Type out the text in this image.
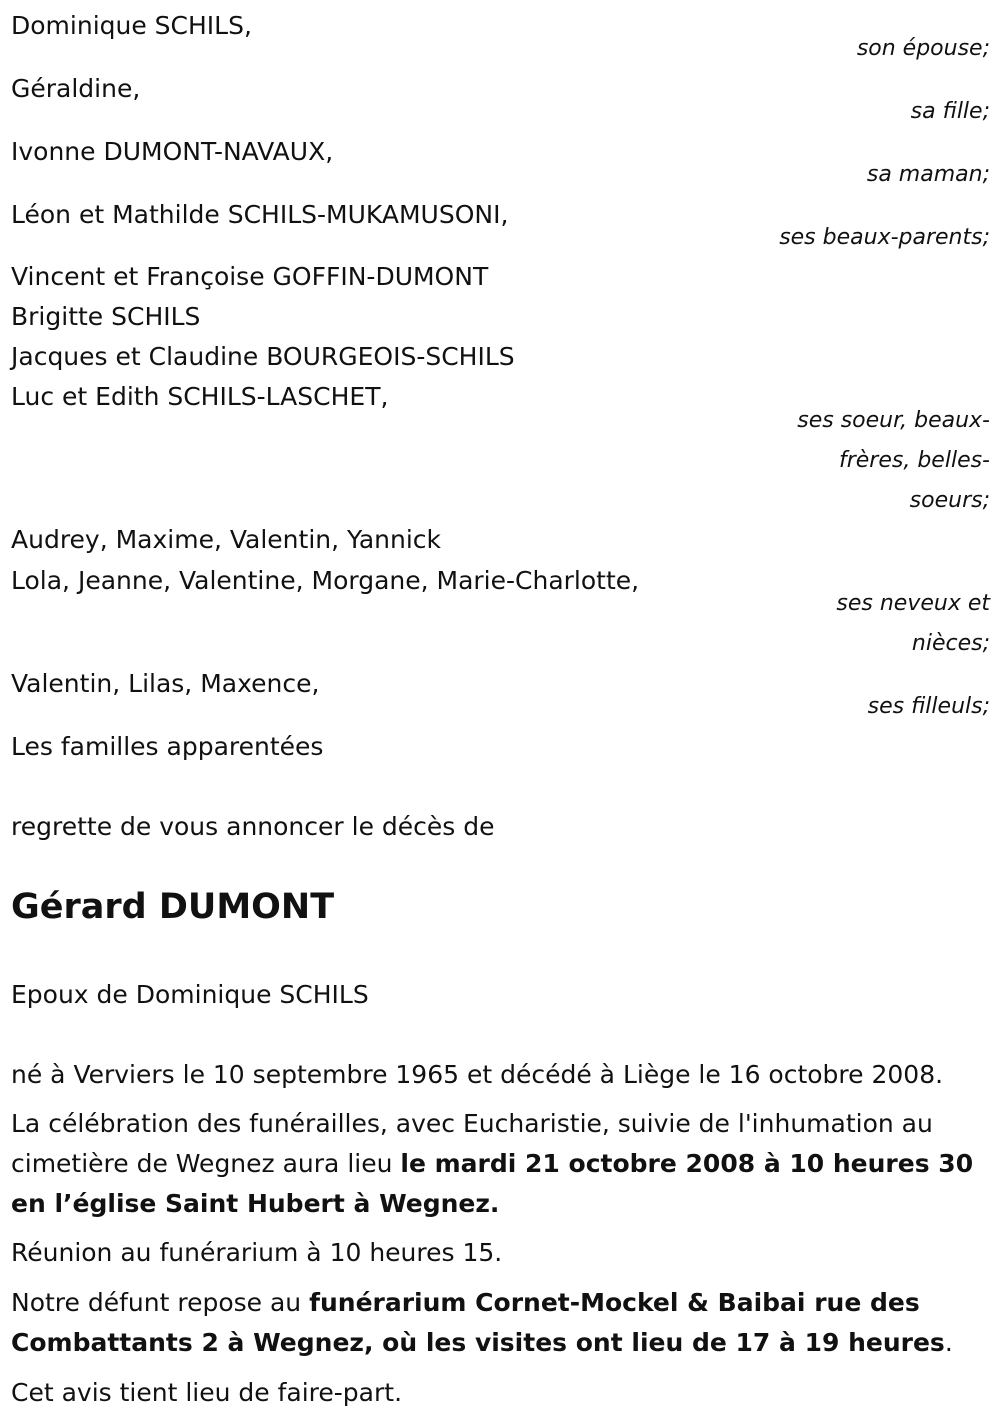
Dominique SCHILS,

son épouse;

Géraldine,

sa fille;

Ivonne DUMONT-NAVAUX,

sa maman;

Léon et Mathilde SCHILS-MUKAMUSONI,

ses beaux-parents;

Vincent et Françoise GOFFIN-DUMONT

Brigitte SCHILS

Jacques et Claudine BOURGEOIS-SCHILS

Luc et Edith SCHILS-LASCHET,

ses soeur, beaux-
frères, belles-
soeurs;

Audrey, Maxime, Valentin, Yannick

Lola, Jeanne, Valentine, Morgane, Marie-Charlotte,

ses neveux et
nièces;

Valentin, Lilas, Maxence,

ses filleuls;

Les familles apparentées

regrette de vous annoncer le décès de

Gérard DUMONT

Epoux de Dominique SCHILS

né à Verviers le 10 septembre 1965 et décédé à Liège le 16 octobre 2008.

La célébration des funérailles, avec Eucharistie, suivie de l'inhumation au cimetière de Wegnez aura lieu le mardi 21 octobre 2008 à 10 heures 30 en l’église Saint Hubert à Wegnez.

Réunion au funérarium à 10 heures 15.

Notre défunt repose au funérarium Cornet-Mockel & Baibai rue des Combattants 2 à Wegnez, où les visites ont lieu de 17 à 19 heures.

Cet avis tient lieu de faire-part.
